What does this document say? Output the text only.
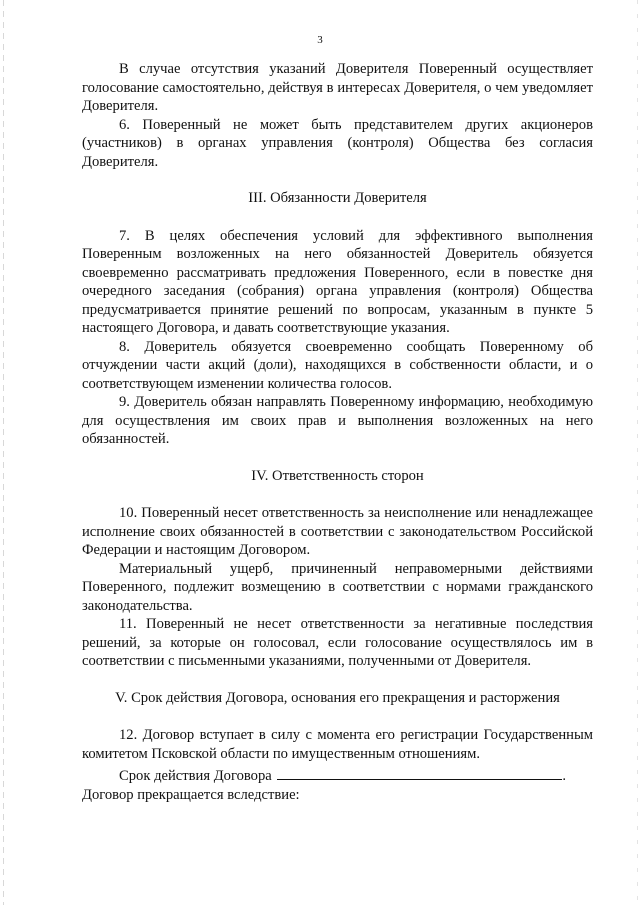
3

В случае отсутствия указаний Доверителя Поверенный осуществляет голосование самостоятельно, действуя в интересах Доверителя, о чем уведомляет Доверителя.

6. Поверенный не может быть представителем других акционеров (участников) в органах управления (контроля) Общества без согласия Доверителя.

III. Обязанности Доверителя

7. В целях обеспечения условий для эффективного выполнения Поверенным возложенных на него обязанностей Доверитель обязуется своевременно рассматривать предложения Поверенного, если в повестке дня очередного заседания (собрания) органа управления (контроля) Общества предусматривается принятие решений по вопросам, указанным в пункте 5 настоящего Договора, и давать соответствующие указания.

8. Доверитель обязуется своевременно сообщать Поверенному об отчуждении части акций (доли), находящихся в собственности области, и о соответствующем изменении количества голосов.

9. Доверитель обязан направлять Поверенному информацию, необходимую для осуществления им своих прав и выполнения возложенных на него обязанностей.

IV. Ответственность сторон

10. Поверенный несет ответственность за неисполнение или ненадлежащее исполнение своих обязанностей в соответствии с законодательством Российской Федерации и настоящим Договором.

Материальный ущерб, причиненный неправомерными действиями Поверенного, подлежит возмещению в соответствии с нормами гражданского законодательства.

11. Поверенный не несет ответственности за негативные последствия решений, за которые он голосовал, если голосование осуществлялось им в соответствии с письменными указаниями, полученными от Доверителя.

V. Срок действия Договора, основания его прекращения и расторжения

12. Договор вступает в силу с момента его регистрации Государственным комитетом Псковской области по имущественным отношениям.

Срок действия Договора	.

Договор прекращается вследствие:
